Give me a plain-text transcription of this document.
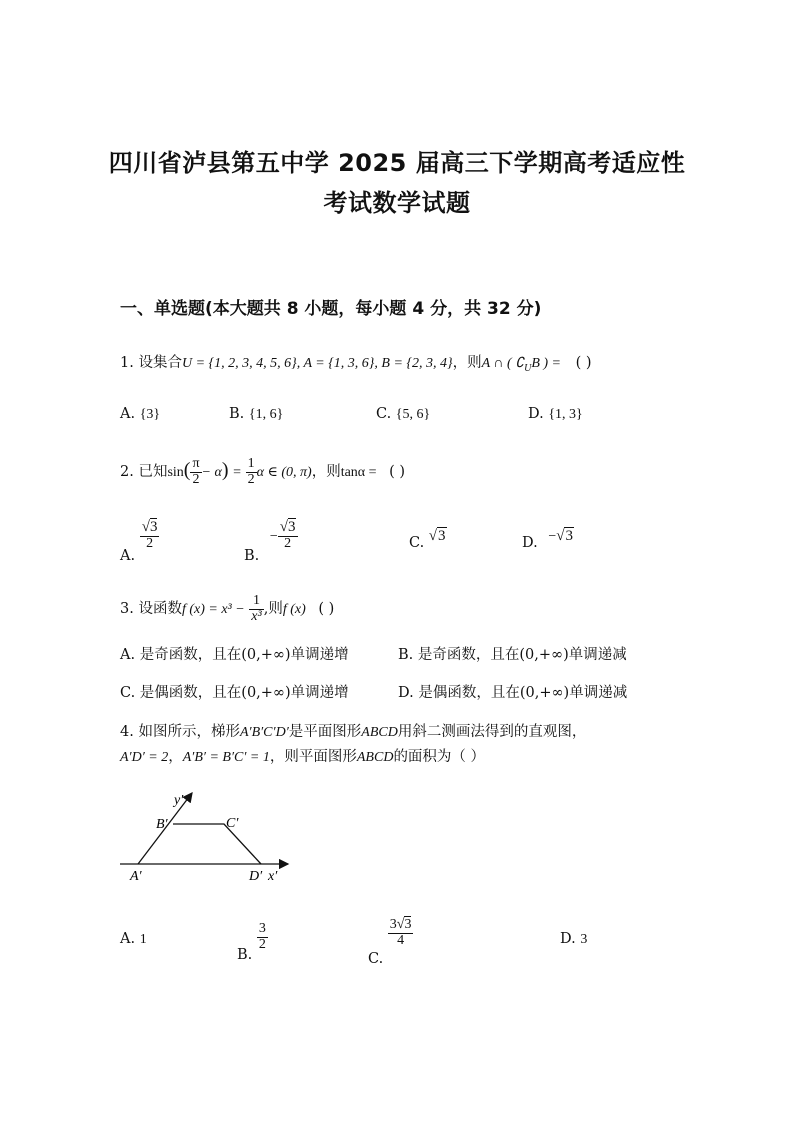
四川省泸县第五中学 2025 届高三下学期高考适应性
考试数学试题
一、单选题(本大题共 8 小题，每小题 4 分，共 32 分)
1. 设集合U = {1, 2, 3, 4, 5, 6}, A = {1, 3, 6}, B = {2, 3, 4}，则A ∩ ( $∁_UB$ ) = ( )
A. {3}	B. {1, 6}	C. {5, 6}	D. {1, 3}
2. 已知$\sin( \frac{\pi}{2} - \alpha) = \frac{1}{2}$ α ∈ (0, π)，则tanα = ( )
A.
$\frac{√3}{2}$
B. − $\frac{√3}{2}$	C. √3	D. −√3
3. 设函数f $(x) = x^3 - \frac{1}{\text{x³}}$ ,则f (x) ( )
A. 是奇函数，且在(0,+∞)单调递增	B. 是奇函数，且在(0,+∞)单调递减
C. 是偶函数，且在(0,+∞)单调递增	D. 是偶函数，且在(0,+∞)单调递减
4. 如图所示，梯形A′B′C′D′是平面图形ABCD用斜二测画法得到的直观图，
A′D′ = 2，A′B′ = B′C′ = 1，则平面图形ABCD的面积为（ ）
y′
B′	C′
A′	D′ x′
A. 1
B.
$\frac{3}{2}$
C.
$\frac{3√3}{4}$	D. 3
